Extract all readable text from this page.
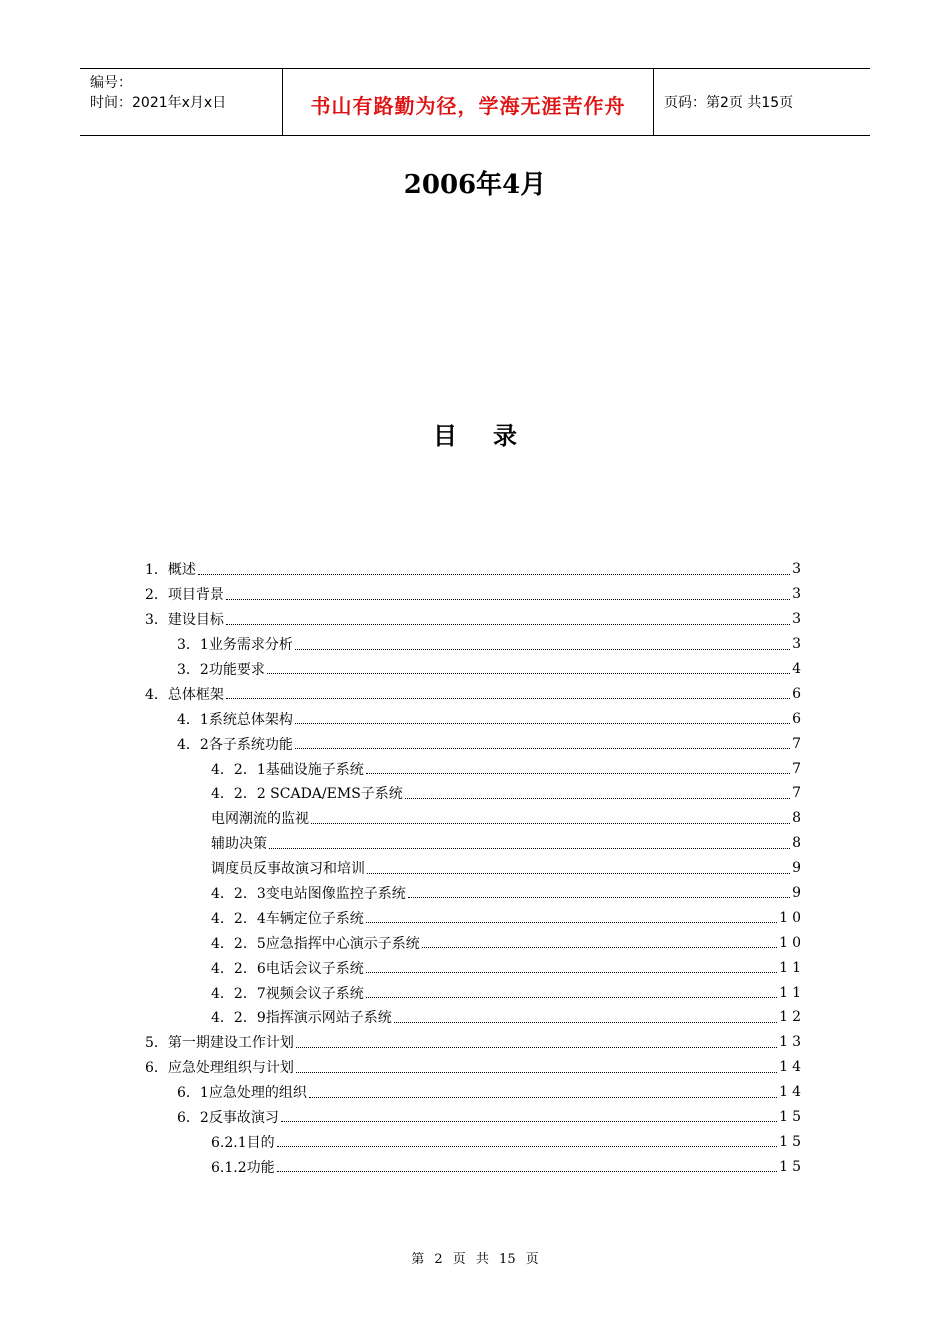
编号：
时间：2021年x月x日	书山有路勤为径，学海无涯苦作舟	页码：第2页 共15页
2006年4月
目 录
1．概述	3
2．项目背景	3
3．建设目标	3
3．1业务需求分析	3
3．2功能要求	4
4．总体框架	6
4．1系统总体架构	6
4．2各子系统功能	7
4．2．1基础设施子系统	7
4．2．2 SCADA/EMS子系统	7
电网潮流的监视	8
辅助决策	8
调度员反事故演习和培训	9
4．2．3变电站图像监控子系统	9
4．2．4车辆定位子系统	10
4．2．5应急指挥中心演示子系统	10
4．2．6电话会议子系统	11
4．2．7视频会议子系统	11
4．2．9指挥演示网站子系统	12
5．第一期建设工作计划	13
6．应急处理组织与计划	14
6．1应急处理的组织	14
6．2反事故演习	15
6.2.1目的	15
6.1.2功能	15
第 2 页 共 15 页
